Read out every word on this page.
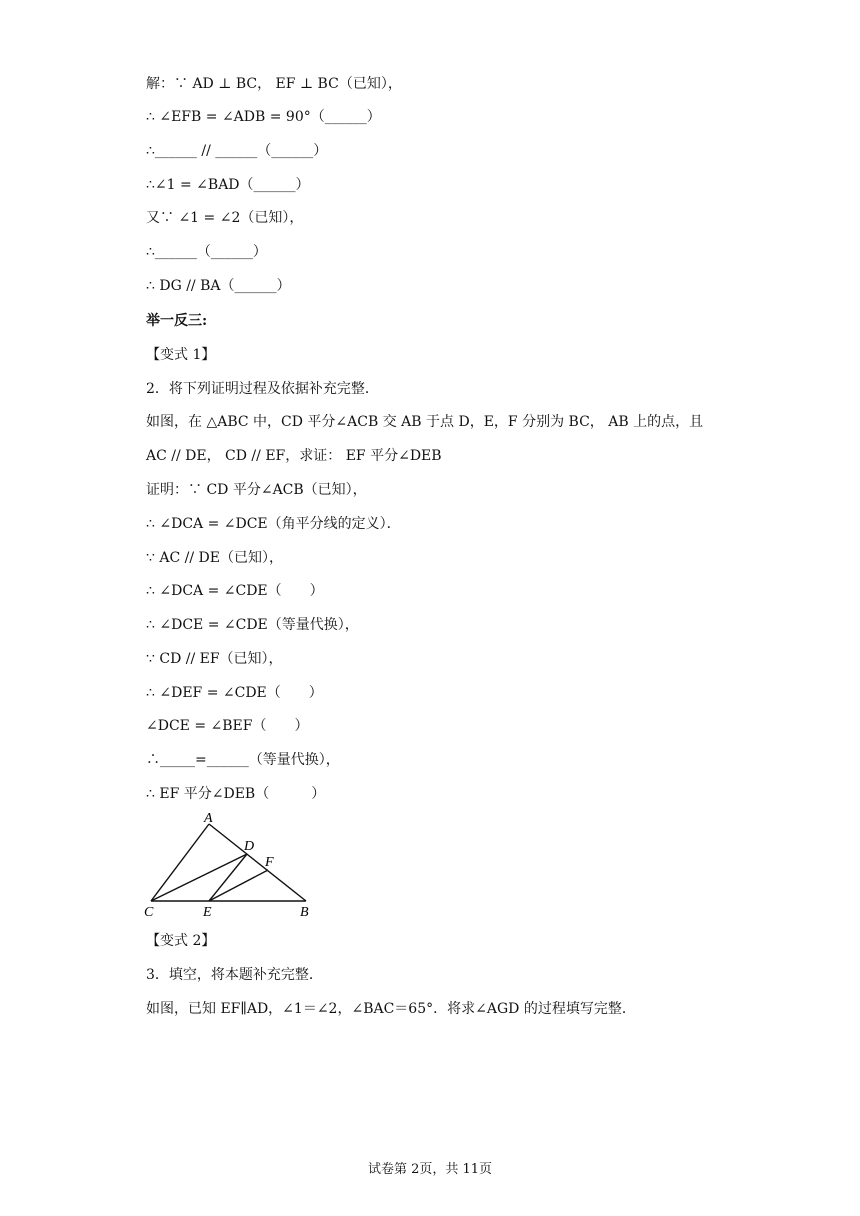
解：∵ AD ⊥ BC， EF ⊥ BC（已知），
∴ ∠EFB = ∠ADB = 90°（______）
∴______ // ______（______）
∴∠1 = ∠BAD（______）
又∵ ∠1 = ∠2（已知），
∴______（______）
∴ DG // BA（______）
举一反三:
【变式 1】
2．将下列证明过程及依据补充完整．
如图，在 △ABC 中，CD 平分∠ACB 交 AB 于点 D，E，F 分别为 BC， AB 上的点，且
AC // DE， CD // EF，求证： EF 平分∠DEB
证明：∵ CD 平分∠ACB（已知），
∴ ∠DCA = ∠DCE（角平分线的定义）．
∵ AC // DE（已知），
∴ ∠DCA = ∠CDE（　　）
∴ ∠DCE = ∠CDE（等量代换），
∵ CD // EF（已知），
∴ ∠DEF = ∠CDE（　　）
∠DCE = ∠BEF（　　）
∴_____=______（等量代换），
∴ EF 平分∠DEB（　　　）
【变式 2】
3．填空，将本题补充完整．
如图，已知 EF∥AD，∠1＝∠2，∠BAC＝65°．将求∠AGD 的过程填写完整．
A
D
F
C	E	B
试卷第 2页，共 11页
